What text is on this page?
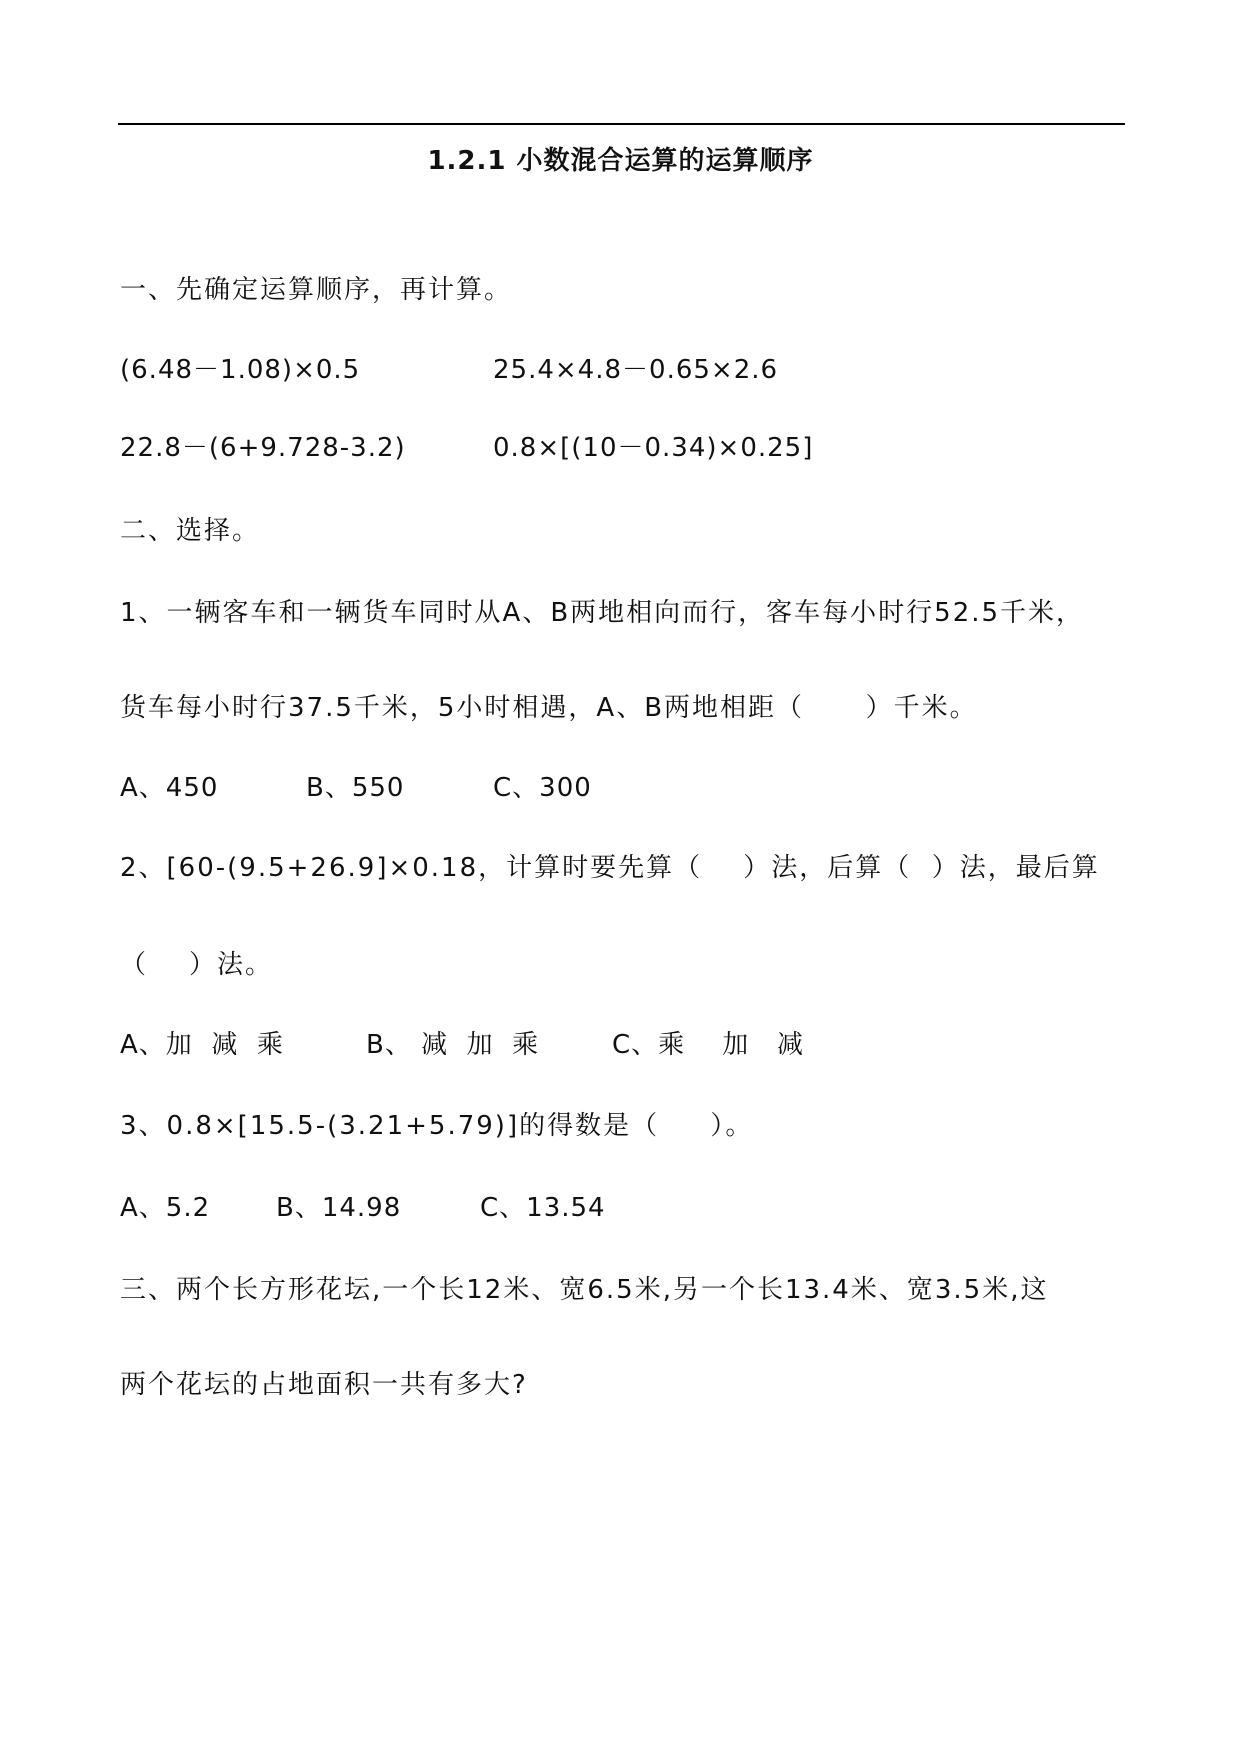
1.2.1 小数混合运算的运算顺序
一、先确定运算顺序，再计算。
(6.48－1.08)×0.5	25.4×4.8－0.65×2.6
22.8－(6+9.728-3.2)	0.8×[(10－0.34)×0.25]
二、选择。
1、一辆客车和一辆货车同时从A、B两地相向而行，客车每小时行52.5千米，
货车每小时行37.5千米，5小时相遇，A、B两地相距（      ）千米。
A、450	B、550	C、300
2、[60-(9.5+26.9]×0.18，计算时要先算（    ）法，后算（  ）法，最后算
（    ）法。
A、加  减  乘	B、 减  加  乘	C、乘    加   减
3、0.8×[15.5-(3.21+5.79)]的得数是（     ）。
A、5.2	B、14.98	C、13.54
三、两个长方形花坛,一个长12米、宽6.5米,另一个长13.4米、宽3.5米,这
两个花坛的占地面积一共有多大?
